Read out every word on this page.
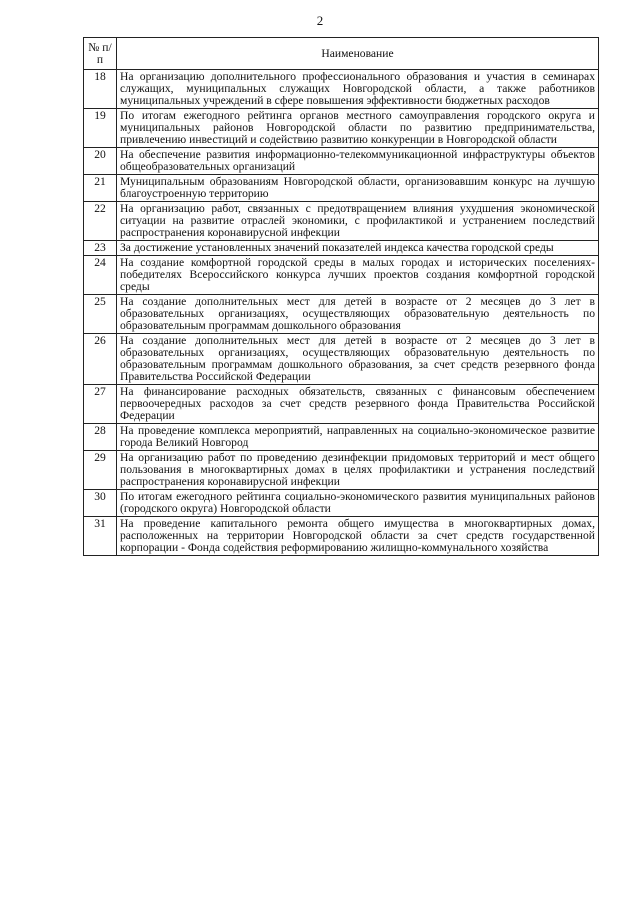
2
№ п/п	Наименование
18	На организацию дополнительного профессионального образования и участия в семинарах служащих, муниципальных служащих Новгородской области, а также работников муниципальных учреждений в сфере повышения эффективности бюджетных расходов
19	По итогам ежегодного рейтинга органов местного самоуправления городского округа и муниципальных районов Новгородской области по развитию предпринимательства, привлечению инвестиций и содействию развитию конкуренции в Новгородской области
20	На обеспечение развития информационно-телекоммуникационной инфраструктуры объектов общеобразовательных организаций
21	Муниципальным образованиям Новгородской области, организовавшим конкурс на лучшую благоустроенную территорию
22	На организацию работ, связанных с предотвращением влияния ухудшения экономической ситуации на развитие отраслей экономики, с профилактикой и устранением последствий распространения коронавирусной инфекции
23	За достижение установленных значений показателей индекса качества городской среды
24	На создание комфортной городской среды в малых городах и исторических поселениях-победителях Всероссийского конкурса лучших проектов создания комфортной городской среды
25	На создание дополнительных мест для детей в возрасте от 2 месяцев до 3 лет в образовательных организациях, осуществляющих образовательную деятельность по образовательным программам дошкольного образования
26	На создание дополнительных мест для детей в возрасте от 2 месяцев до 3 лет в образовательных организациях, осуществляющих образовательную деятельность по образовательным программам дошкольного образования, за счет средств резервного фонда Правительства Российской Федерации
27	На финансирование расходных обязательств, связанных с финансовым обеспечением первоочередных расходов за счет средств резервного фонда Правительства Российской Федерации
28	На проведение комплекса мероприятий, направленных на социально-экономическое развитие города Великий Новгород
29	На организацию работ по проведению дезинфекции придомовых территорий и мест общего пользования в многоквартирных домах в целях профилактики и устранения последствий распространения коронавирусной инфекции
30	По итогам ежегодного рейтинга социально-экономического развития муниципальных районов (городского округа) Новгородской области
31	На проведение капитального ремонта общего имущества в многоквартирных домах, расположенных на территории Новгородской области за счет средств государственной корпорации - Фонда содействия реформированию жилищно-коммунального хозяйства
